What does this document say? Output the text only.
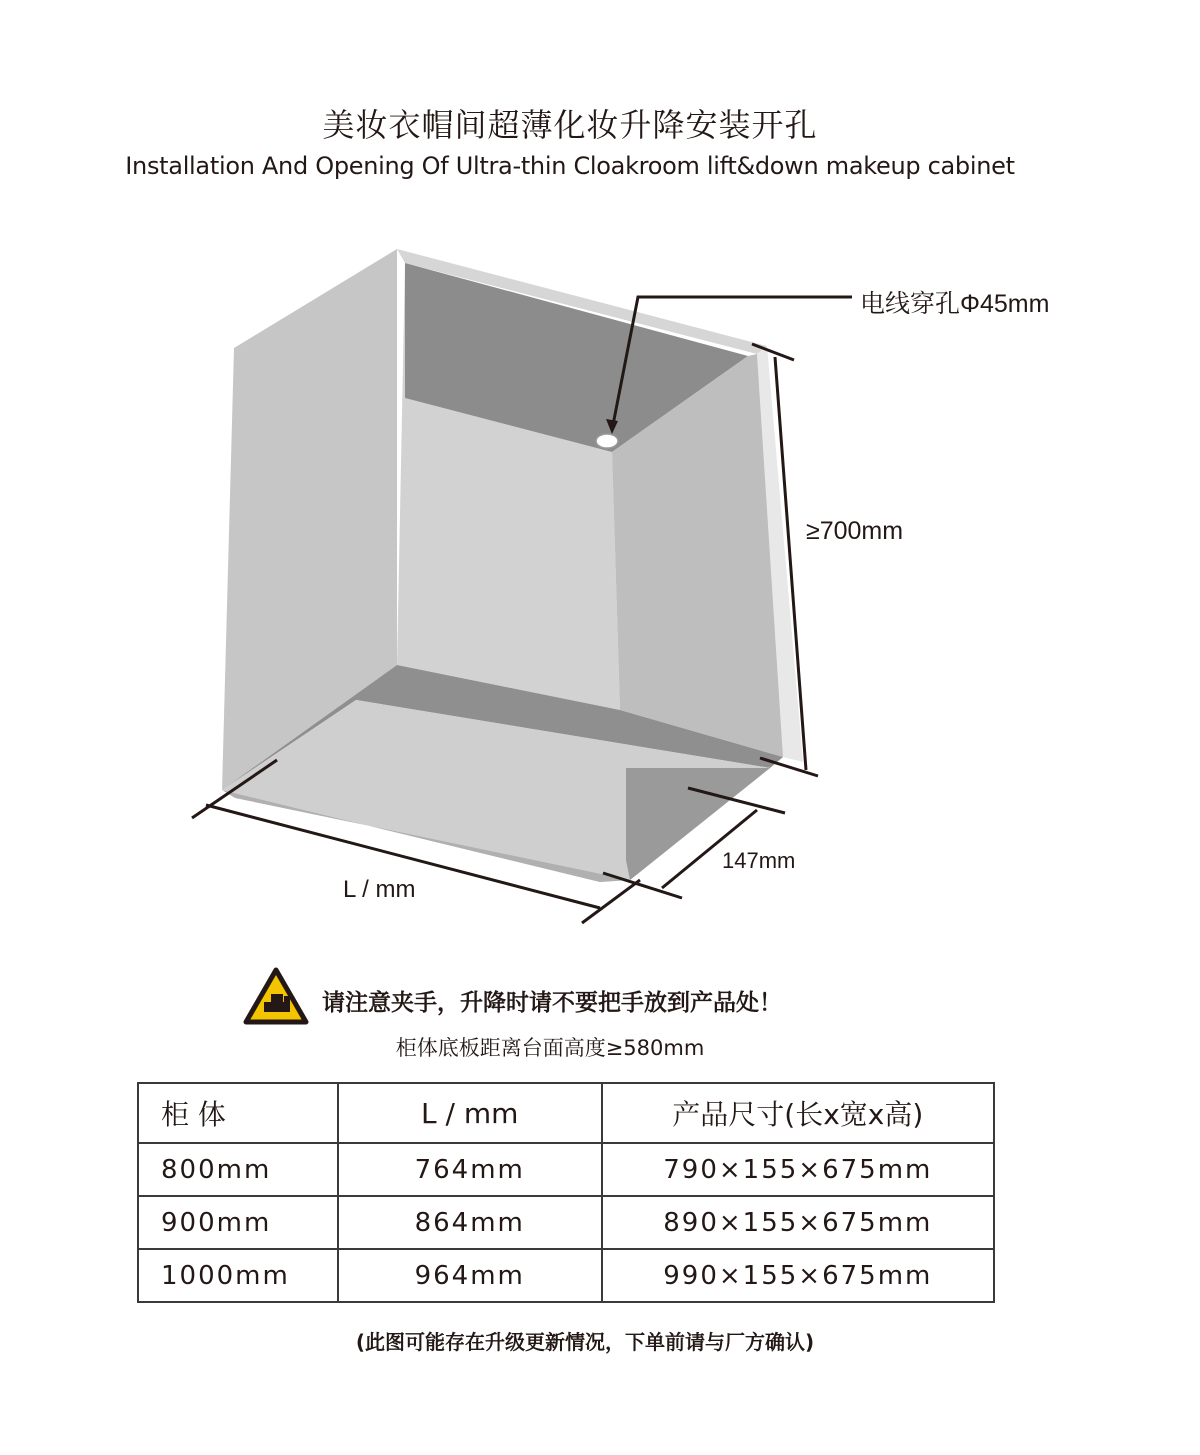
美妆衣帽间超薄化妆升降安装开孔
Installation And Opening Of Ultra-thin Cloakroom lift&down makeup cabinet
电线穿孔Φ45mm
≥700mm
147mm
L / mm
请注意夹手，升降时请不要把手放到产品处！
柜体底板距离台面高度≥580mm
柜 体	L / mm	产品尺寸(长x宽x高)
800mm	764mm	790×155×675mm
900mm	864mm	890×155×675mm
1000mm	964mm	990×155×675mm
(此图可能存在升级更新情况，下单前请与厂方确认)
